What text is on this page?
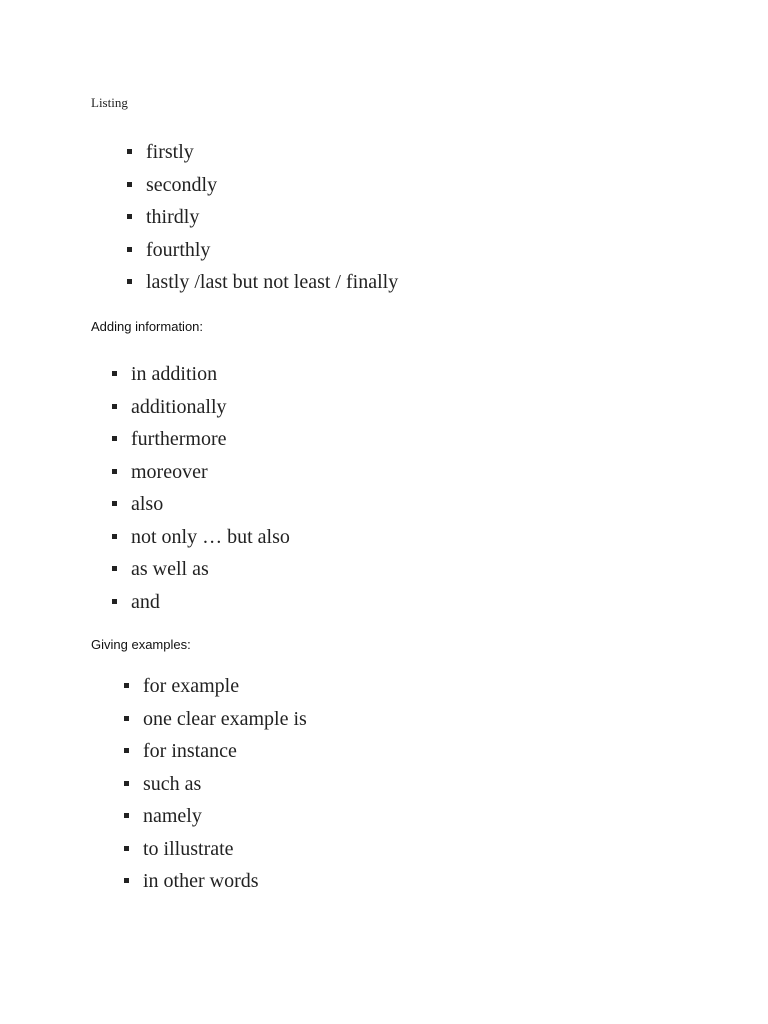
Listing
firstly
secondly
thirdly
fourthly
lastly /last but not least / finally
Adding information:
in addition
additionally
furthermore
moreover
also
not only … but also
as well as
and
Giving examples:
for example
one clear example is
for instance
such as
namely
to illustrate
in other words
